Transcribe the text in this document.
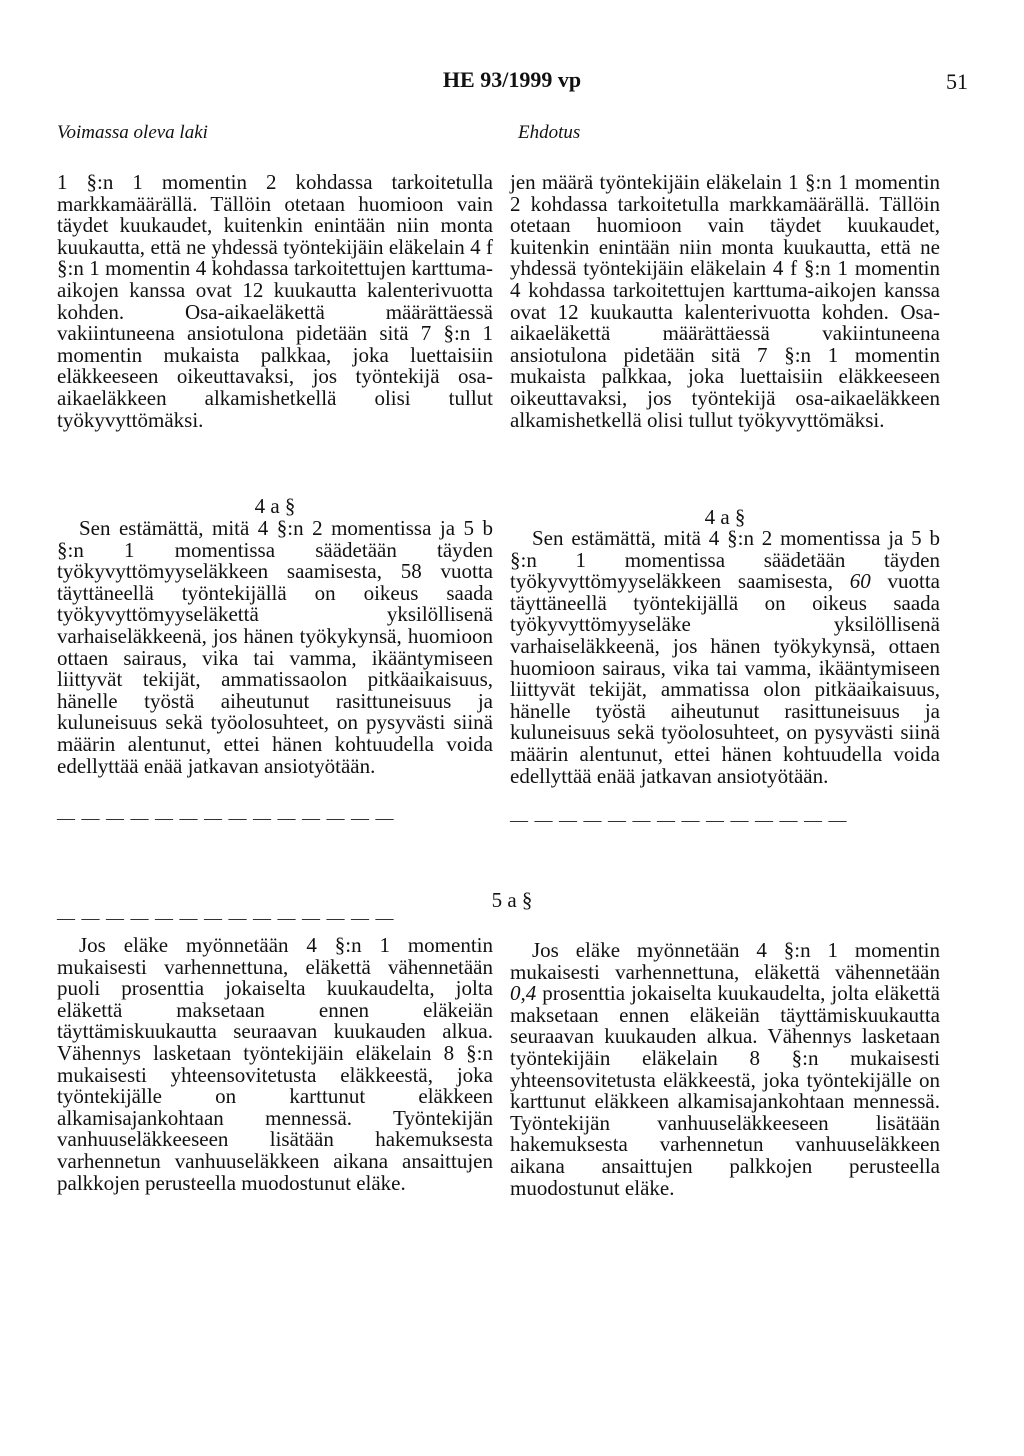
HE 93/1999 vp	51
Voimassa oleva laki	Ehdotus

1 §:n 1 momentin 2 kohdassa tarkoitetulla markkamäärällä. Tällöin otetaan huomioon vain täydet kuukaudet, kuitenkin enintään niin monta kuukautta, että ne yhdessä työntekijäin eläkelain 4 f §:n 1 momentin 4 kohdassa tarkoitettujen karttuma-aikojen kanssa ovat 12 kuukautta kalenterivuotta kohden. Osa-aikaeläkettä määrättäessä vakiintuneena ansiotulona pidetään sitä 7 §:n 1 momentin mukaista palkkaa, joka luettaisiin eläkkeeseen oikeuttavaksi, jos työntekijä osa-aikaeläkkeen alkamishetkellä olisi tullut työkyvyttömäksi.

jen määrä työntekijäin eläkelain 1 §:n 1 momentin 2 kohdassa tarkoitetulla markkamäärällä. Tällöin otetaan huomioon vain täydet kuukaudet, kuitenkin enintään niin monta kuukautta, että ne yhdessä työntekijäin eläkelain 4 f §:n 1 momentin 4 kohdassa tarkoitettujen karttuma-aikojen kanssa ovat 12 kuukautta kalenterivuotta kohden. Osa-aikaeläkettä määrättäessä vakiintuneena ansiotulona pidetään sitä 7 §:n 1 momentin mukaista palkkaa, joka luettaisiin eläkkeeseen oikeuttavaksi, jos työntekijä osa-aikaeläkkeen alkamishetkellä olisi tullut työkyvyttömäksi.

4 a §	4 a §

Sen estämättä, mitä 4 §:n 2 momentissa ja 5 b §:n 1 momentissa säädetään täyden työkyvyttömyyseläkkeen saamisesta, 58 vuotta täyttäneellä työntekijällä on oikeus saada työkyvyttömyyseläkettä yksilöllisenä varhaiseläkkeenä, jos hänen työkykynsä, huomioon ottaen sairaus, vika tai vamma, ikääntymiseen liittyvät tekijät, ammatissaolon pitkäaikaisuus, hänelle työstä aiheutunut rasittuneisuus ja kuluneisuus sekä työolosuhteet, on pysyvästi siinä määrin alentunut, ettei hänen kohtuudella voida edellyttää enää jatkavan ansiotyötään.

Sen estämättä, mitä 4 §:n 2 momentissa ja 5 b §:n 1 momentissa säädetään täyden työkyvyttömyyseläkkeen saamisesta, 60 vuotta täyttäneellä työntekijällä on oikeus saada työkyvyttömyyseläke yksilöllisenä varhaiseläkkeenä, jos hänen työkykynsä, ottaen huomioon sairaus, vika tai vamma, ikääntymiseen liittyvät tekijät, ammatissa olon pitkäaikaisuus, hänelle työstä aiheutunut rasittuneisuus ja kuluneisuus sekä työolosuhteet, on pysyvästi siinä määrin alentunut, ettei hänen kohtuudella voida edellyttää enää jatkavan ansiotyötään.

— — — — — — — — — — — — — —	— — — — — — — — — — — — — —
5 a §
— — — — — — — — — — — — — —

Jos eläke myönnetään 4 §:n 1 momentin mukaisesti varhennettuna, eläkettä vähennetään puoli prosenttia jokaiselta kuukaudelta, jolta eläkettä maksetaan ennen eläkeiän täyttämiskuukautta seuraavan kuukauden alkua. Vähennys lasketaan työntekijäin eläkelain 8 §:n mukaisesti yhteensovitetusta eläkkeestä, joka työntekijälle on karttunut eläkkeen alkamisajankohtaan mennessä. Työntekijän vanhuuseläkkeeseen lisätään hakemuksesta varhennetun vanhuuseläkkeen aikana ansaittujen palkkojen perusteella muodostunut eläke.

Jos eläke myönnetään 4 §:n 1 momentin mukaisesti varhennettuna, eläkettä vähennetään 0,4 prosenttia jokaiselta kuukaudelta, jolta eläkettä maksetaan ennen eläkeiän täyttämiskuukautta seuraavan kuukauden alkua. Vähennys lasketaan työntekijäin eläkelain 8 §:n mukaisesti yhteensovitetusta eläkkeestä, joka työntekijälle on karttunut eläkkeen alkamisajankohtaan mennessä. Työntekijän vanhuuseläkkeeseen lisätään hakemuksesta varhennetun vanhuuseläkkeen aikana ansaittujen palkkojen perusteella muodostunut eläke.
